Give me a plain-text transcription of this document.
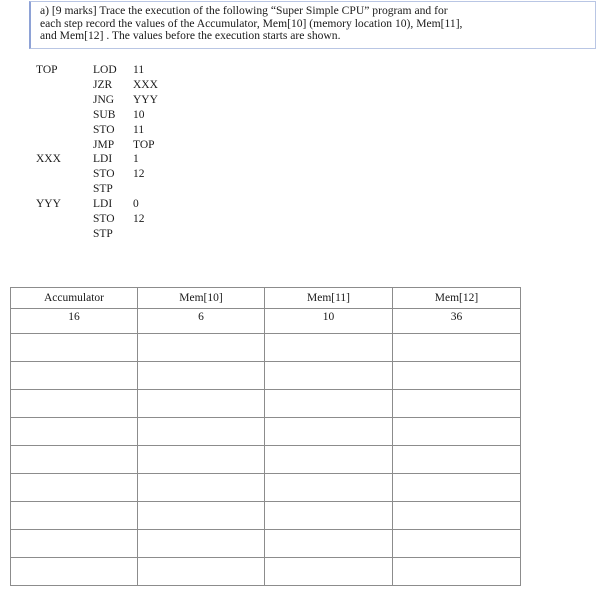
a) [9 marks] Trace the execution of the following “Super Simple CPU” program and for

each step record the values of the Accumulator, Mem[10] (memory location 10), Mem[11],

and Mem[12] . The values before the execution starts are shown.

TOP	LOD 11
JZR XXX
JNG YYY
SUB 10
STO 11
JMP TOP
XXX	LDI 1
STO 12
STP
YYY	LDI 0
STO 12
STP
Accumulator	Mem[10]	Mem[11]	Mem[12]
16	6	10	36
